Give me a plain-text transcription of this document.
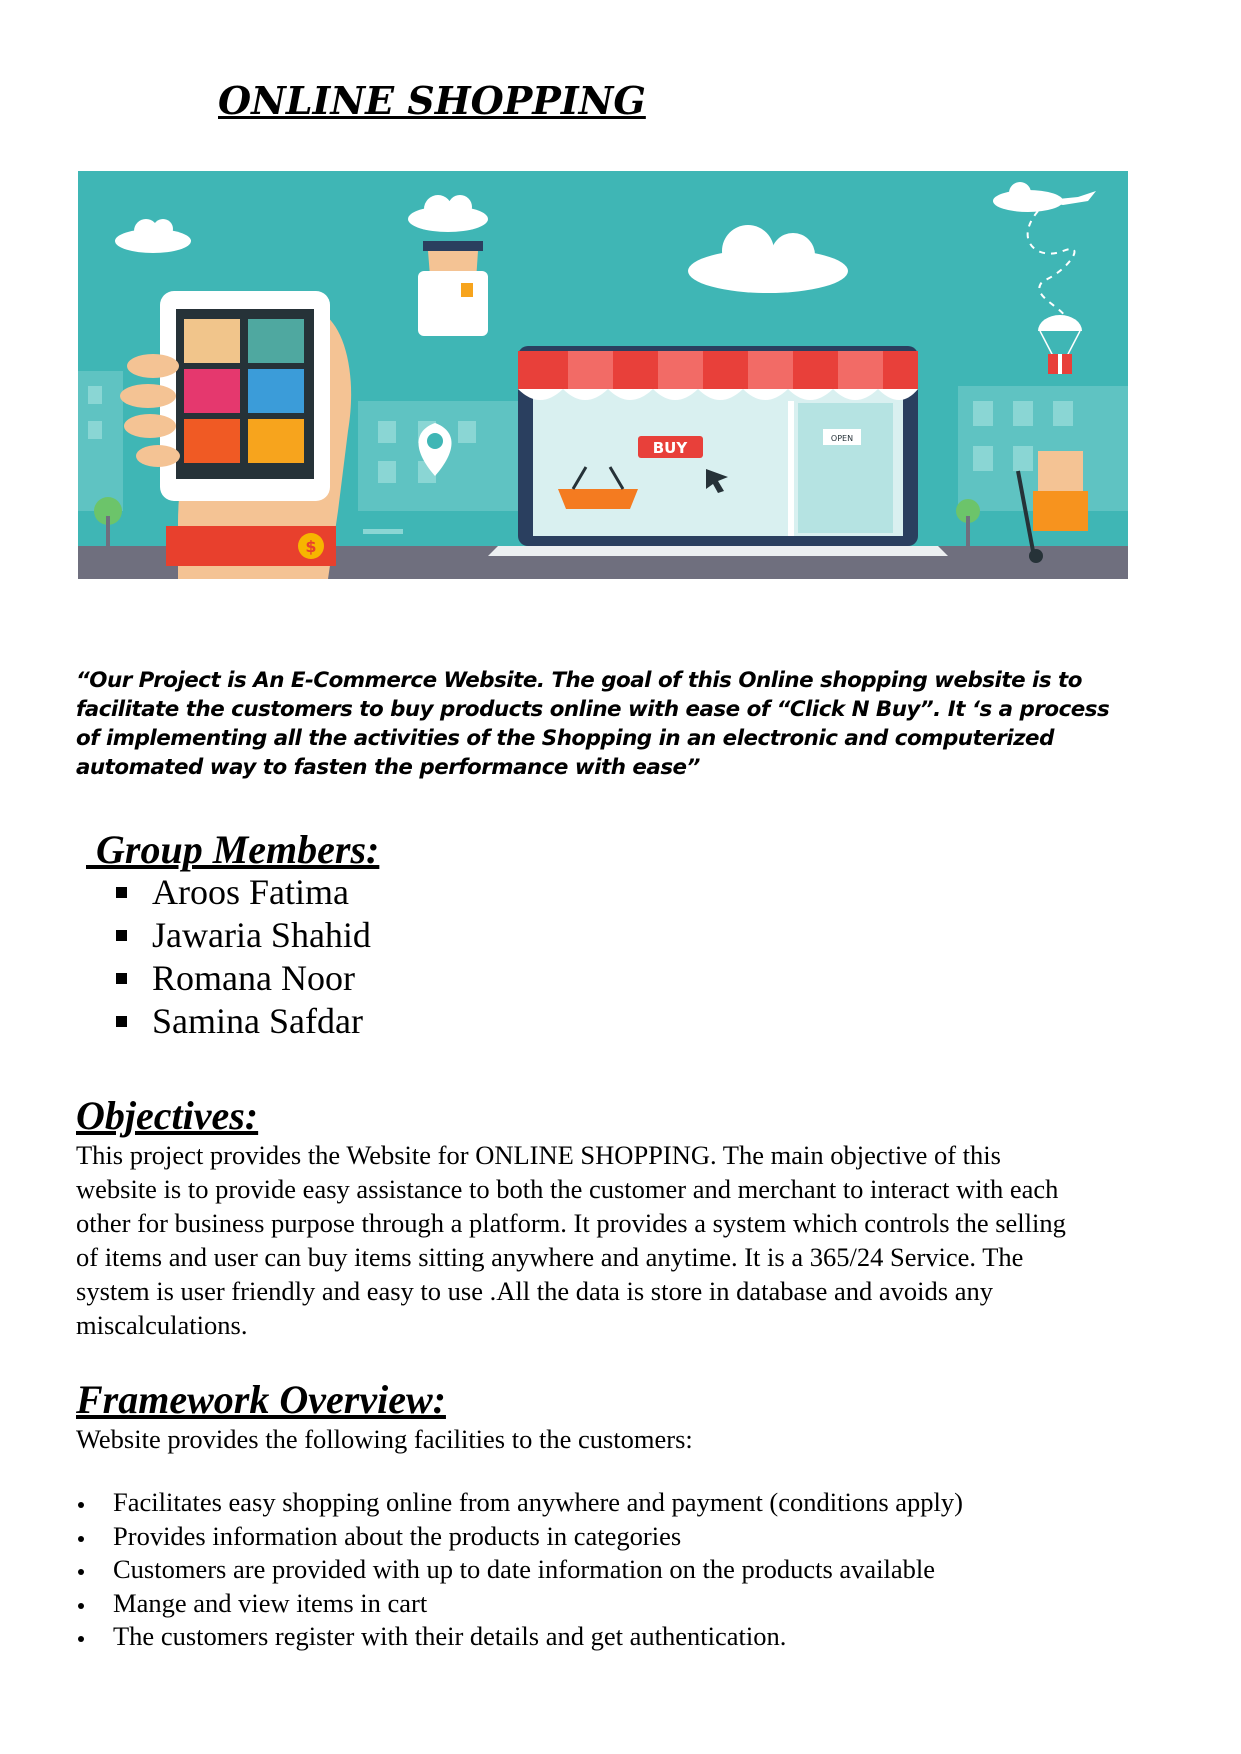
ONLINE SHOPPING
$
BUY
OPEN
“Our Project is An E-Commerce Website. The goal of this Online shopping website is to
facilitate the customers to buy products online with ease of “Click N Buy”. It ‘s a process
of implementing all the activities of the Shopping in an electronic and computerized
automated way to fasten the performance with ease”
Group Members:
Aroos Fatima
Jawaria Shahid
Romana Noor
Samina Safdar
Objectives:
This project provides the Website for ONLINE SHOPPING. The main objective of this
website is to provide easy assistance to both the customer and merchant to interact with each
other for business purpose through a platform. It provides a system which controls the selling
of items and user can buy items sitting anywhere and anytime. It is a 365/24 Service. The
system is user friendly and easy to use .All the data is store in database and avoids any
miscalculations.
Framework Overview:
Website provides the following facilities to the customers:
Facilitates easy shopping online from anywhere and payment (conditions apply)
Provides information about the products in categories
Customers are provided with up to date information on the products available
Mange and view items in cart
The customers register with their details and get authentication.
